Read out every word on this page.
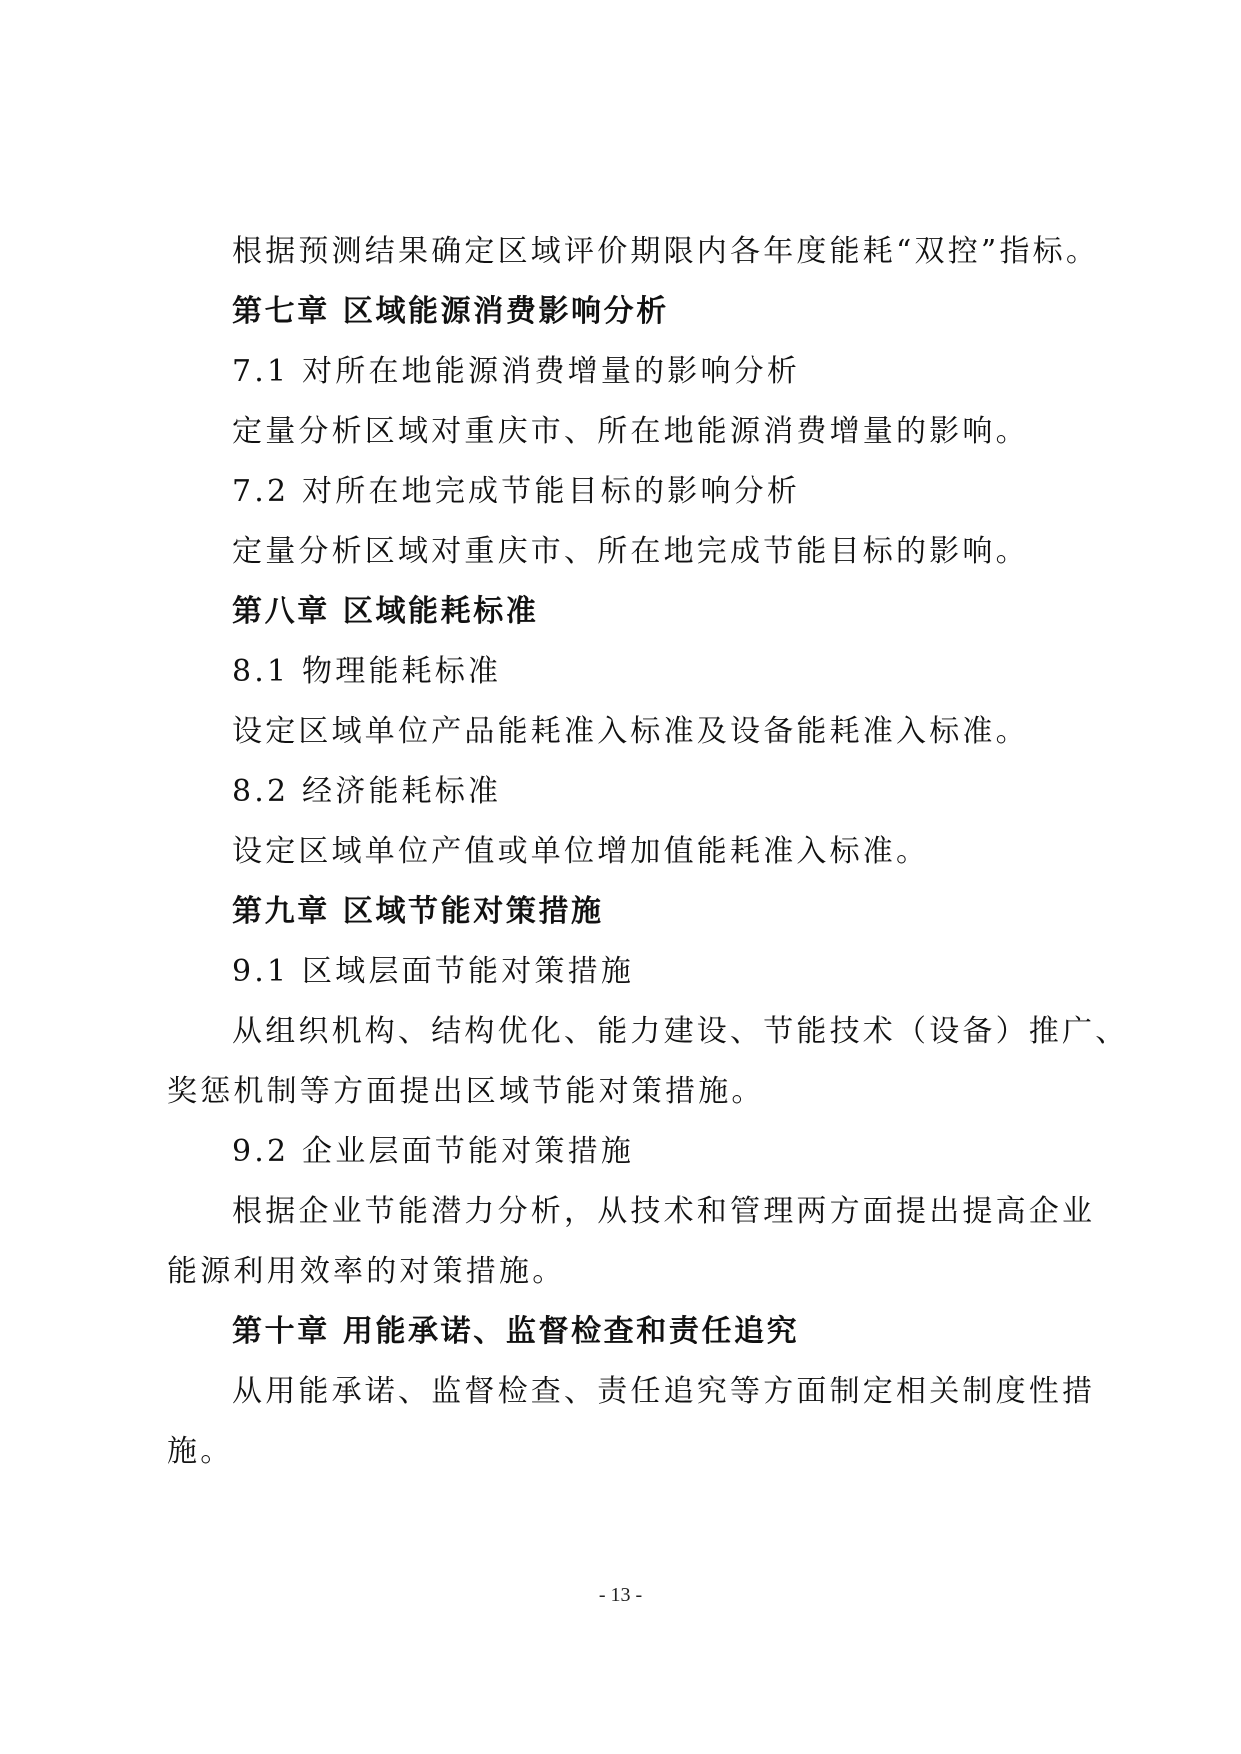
根据预测结果确定区域评价期限内各年度能耗“双控”指标。
第七章 区域能源消费影响分析
7.1 对所在地能源消费增量的影响分析
定量分析区域对重庆市、所在地能源消费增量的影响。
7.2 对所在地完成节能目标的影响分析
定量分析区域对重庆市、所在地完成节能目标的影响。
第八章 区域能耗标准
8.1 物理能耗标准
设定区域单位产品能耗准入标准及设备能耗准入标准。
8.2 经济能耗标准
设定区域单位产值或单位增加值能耗准入标准。
第九章 区域节能对策措施
9.1 区域层面节能对策措施
从组织机构、结构优化、能力建设、节能技术（设备）推广、
奖惩机制等方面提出区域节能对策措施。
9.2 企业层面节能对策措施
根据企业节能潜力分析，从技术和管理两方面提出提高企业
能源利用效率的对策措施。
第十章 用能承诺、监督检查和责任追究
从用能承诺、监督检查、责任追究等方面制定相关制度性措
施。
- 13 -
